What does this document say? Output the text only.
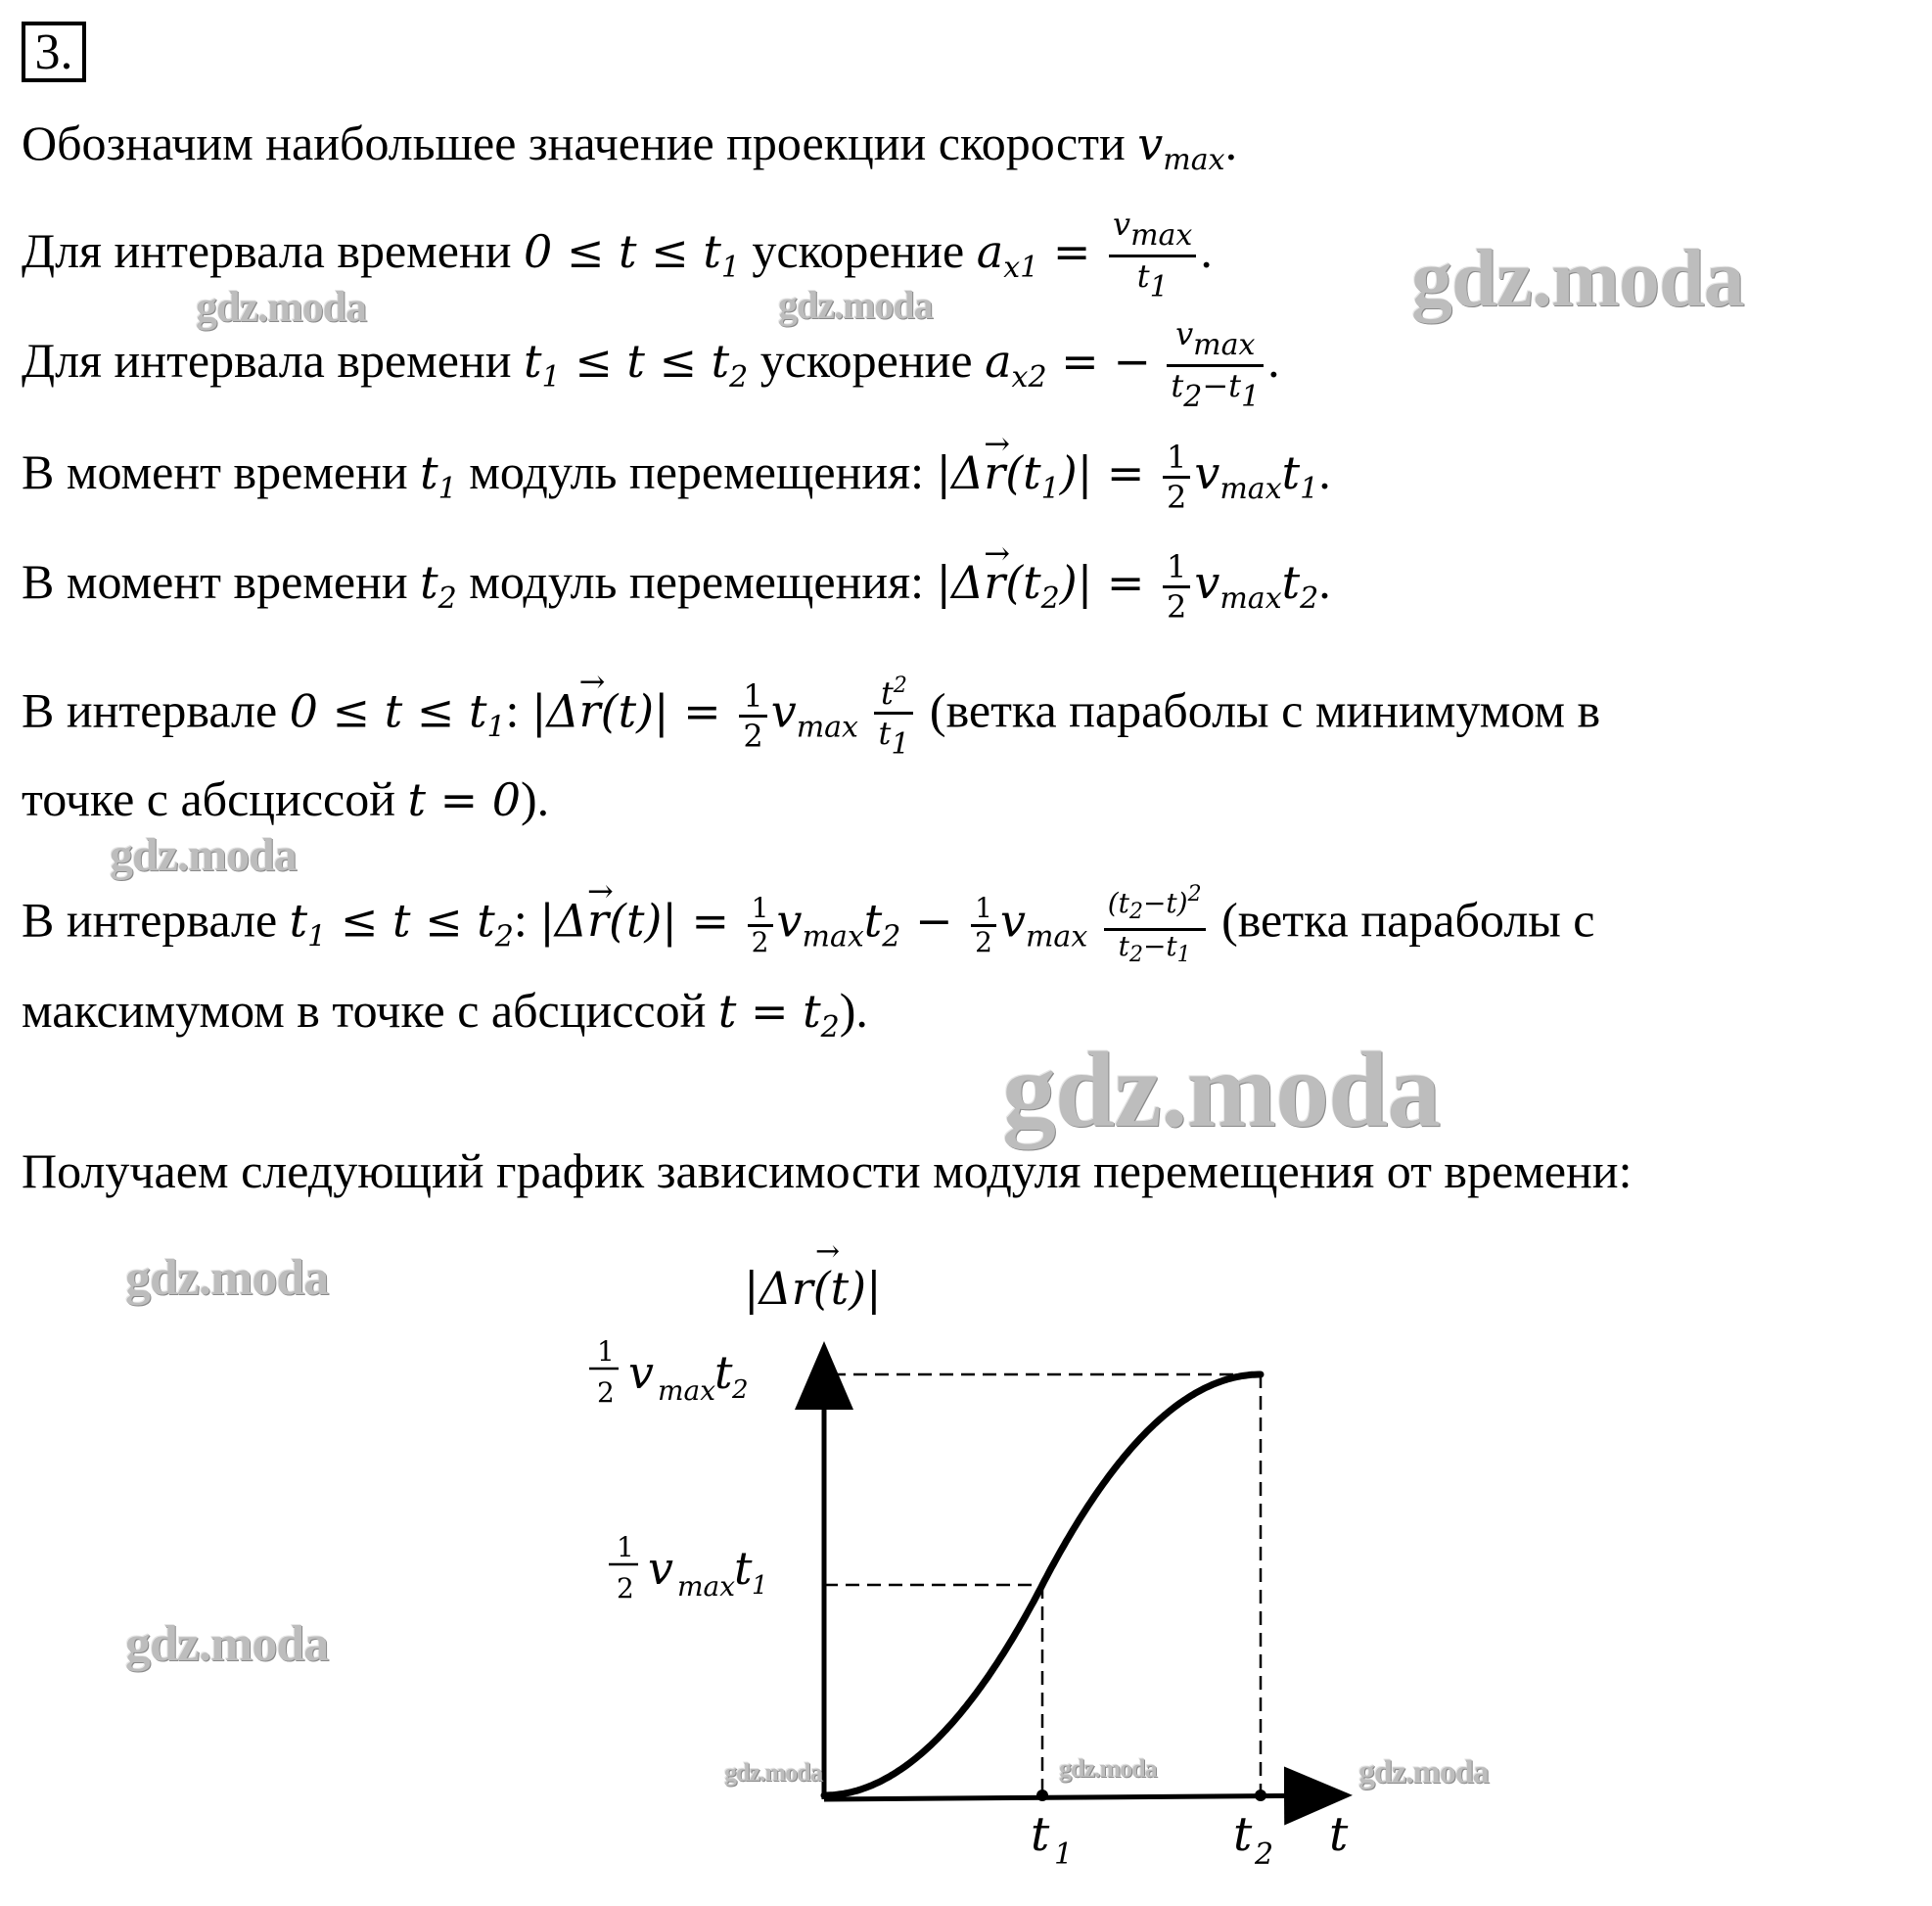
3.
Обозначим наибольшее значение проекции скорости $v_{max}$.
Для интервала времени $0 \le t \le t_1$ ускорение $a_{x1} = \frac{v_{max}}{t_1}$ .
Для интервала времени $t_1 \le t \le t_2$ ускорение $a_{x2}$ = − $\frac{v_{max}}{t_2-t_1}$ .
В момент времени $t_1$ модуль перемещения: $|\Delta r \to(t_1)| = \frac{1}{2} v_{max}t_1$.
В момент времени $t_2$ модуль перемещения: $|\Delta r \to(t_2)| = \frac{1}{2} v_{max}t_2$.
В интервале $0 \le t \le t_1$: $|\Delta r \to(t)| = \frac{1}{2} v_{max} \frac{t^2}{t_1}$ (ветка параболы с минимумом в
точке с абсциссой t = 0).
В интервале $t_1 \le t \le t_2$: $|\Delta r \to(t)| = \frac{1}{2} v_{max}t_2 - \frac{1}{2} v_{max} \frac{(t_2-t)^2}{t_2-t_1}$ (ветка параболы с
максимумом в точке с абсциссой $t = t_2$).
Получаем следующий график зависимости модуля перемещения от времени:
|Δr(t)|
→
1
2 v max
t 2
1
2 v max
t 1
t 1	t 2 t
gdz.moda	gdz.moda	gdz.moda
gdz.moda
gdz.moda
gdz.moda
gdz.moda
gdz.moda	gdz.moda	gdz.moda
